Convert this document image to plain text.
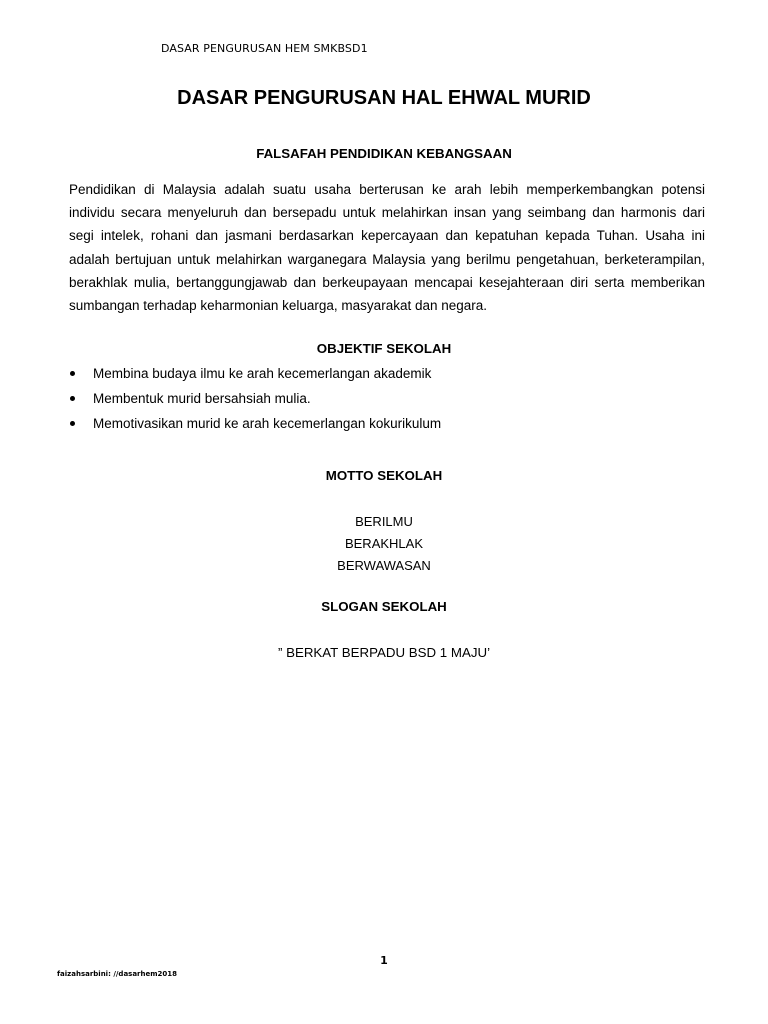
DASAR PENGURUSAN HEM SMKBSD1
DASAR PENGURUSAN HAL EHWAL MURID
FALSAFAH PENDIDIKAN KEBANGSAAN

Pendidikan di Malaysia adalah suatu usaha berterusan ke arah lebih memperkembangkan potensi individu secara menyeluruh dan bersepadu untuk melahirkan insan yang seimbang dan harmonis dari segi intelek, rohani dan jasmani berdasarkan kepercayaan dan kepatuhan kepada Tuhan. Usaha ini adalah bertujuan untuk melahirkan warganegara Malaysia yang berilmu pengetahuan, berketerampilan, berakhlak mulia, bertanggungjawab dan berkeupayaan mencapai kesejahteraan diri serta memberikan sumbangan terhadap keharmonian keluarga, masyarakat dan negara.

OBJEKTIF SEKOLAH
Membina budaya ilmu ke arah kecemerlangan akademik
Membentuk murid bersahsiah mulia.
Memotivasikan murid ke arah kecemerlangan kokurikulum
MOTTO SEKOLAH
BERILMU
BERAKHLAK
BERWAWASAN
SLOGAN SEKOLAH

” BERKAT BERPADU BSD 1 MAJU’

1
faizahsarbini: //dasarhem2018
